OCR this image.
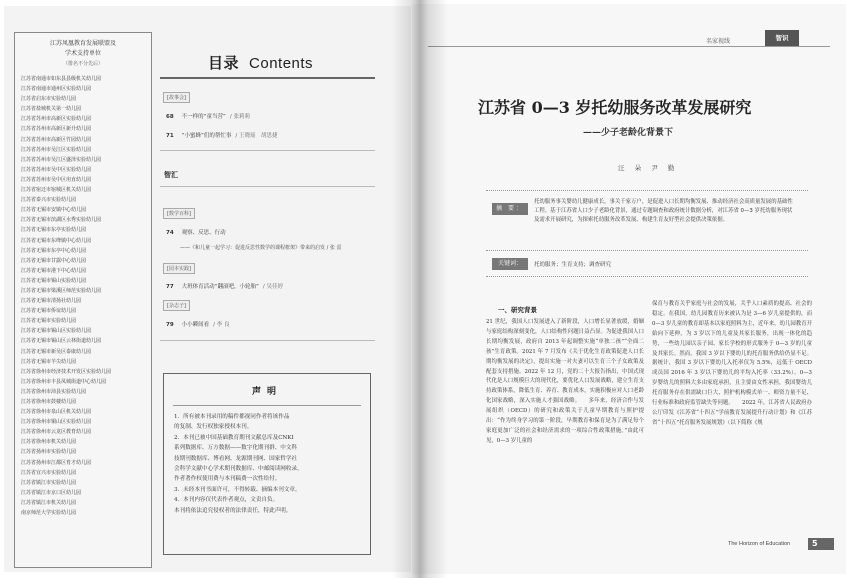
江苏凤凰教育发展联盟及
学术支持单位
（排名不分先后）
江苏省南通市如东县县级机关幼儿园
江苏省南通市通州区实验幼儿园
江苏省启东市实验幼儿园
江苏省盐城机关第一幼儿园
江苏省苏州市高新区实验幼儿园
江苏省苏州市高新区新升幼儿园
江苏省苏州市高新区竹园幼儿园
江苏省苏州市吴江区实验幼儿园
江苏省苏州市吴江区盛泽实验幼儿园
江苏省苏州市吴中区实验幼儿园
江苏省苏州市吴中区甪直幼儿园
江苏省宿迁市宿城区机关幼儿园
江苏省泰兴市实验幼儿园
江苏省无锡市安镇中心幼儿园
江苏省无锡市滨湖区水秀实验幼儿园
江苏省无锡市东亭实验幼儿园
江苏省无锡市东绛镇中心幼儿园
江苏省无锡市东亭中心幼儿园
江苏省无锡市甘露中心幼儿园
江苏省无锡市港下中心幼儿园
江苏省无锡市锡山实验幼儿园
江苏省无锡市梁溪区师范实验幼儿园
江苏省无锡市清扬社幼儿园
江苏省无锡市侨谊幼儿园
江苏省无锡市实验幼儿园
江苏省无锡市锡山区实验幼儿园
江苏省无锡市锡山区云林街道幼儿园
江苏省无锡市新吴区泰康幼儿园
江苏省无锡市羊尖幼儿园
江苏省徐州市经济技术开发区实验幼儿园
江苏省徐州市丰县凤城街道中心幼儿园
江苏省徐州市沛县实验幼儿园
江苏省徐州市鼓楼幼儿园
江苏省徐州市泉山区机关幼儿园
江苏省徐州市铜山区实验幼儿园
江苏省徐州市云龙区教育幼儿园
江苏省徐州市机关幼儿园
江苏省扬州市实验幼儿园
江苏省扬州市江都区育才幼儿园
江苏省宜兴市实验幼儿园
江苏省镇江市实验幼儿园
江苏省镇江市京口区幼儿园
江苏省镇江市机关幼儿园
南京师范大学实验幼儿园
目录 Contents
[故事会]
68 不一样的“童当营” / 张莉莉
71 “小蜜蜂”们的帮忙事 / 王晓瑶　胡思捷
智汇
[数学百科]
74 观察、反思、行动
——《和儿童一起学习：促进反思性数学的课程框架》带来的启发 / 张 雷
[园本实践]
77 大班体育活动“翻滚吧，小轮胎” / 吴佳婷
[杂志子]
79 小小瞬间看 / 李 良
声明
1．所有被本刊录用的稿件都视同作者将该作品
的复制、发行权独家授权本刊。
2．本刊已被中国基础教育期刊文献总库及CNKI
系列数据库、万方数据——数字化期刊群、中文科
技期刊数据库、博看网、龙源期刊网、国家哲学社
会科学文献中心学术期刊数据库、中邮阅读网收录，
作者著作权使用费与本刊稿费一次性给付。
3．未经本刊书面许可，不得转载、摘编本刊文章。
4．本刊内容仅代表作者观点，文责自负。
本刊将依法追究侵权者的法律责任，特此声明。
名家视线	智识
江苏省 0—3 岁托幼服务改革发展研究
——少子老龄化背景下
汪 朵 尹 勤
摘 要：
托幼服务事关婴幼儿健康成长，事关千家万户，是促进人口长期均衡发展、推动经济社会高质量发展的基础性工程。基于江苏省人口少子老龄化背景，通过专题调查和政府统计数据分析，对江苏省 0—3 岁托幼服务现状及需求开展研究，为探索托幼服务改革发展、构建生育友好型社会提供决策依据。
关键词：	托幼服务；生育支持；调查研究
一、研究背景
21 世纪，我国人口发展进入了新阶段，人口增长显著放缓，婚姻与家庭结构深刻变化，人口结构性问题日益凸显。为促进我国人口长期均衡发展，政府自 2013 年起调整实施“单独二孩”“全面二孩”生育政策。2021 年 7 月发布《关于优化生育政策促进人口长期均衡发展的决定》，提出实施一对夫妻可以生育三个子女政策及配套支持措施。2022 年 12 月，党的二十大报告指出，中国式现代化是人口规模巨大的现代化，要优化人口发展战略，建立生育支持政策体系，降低生育、养育、教育成本，实施积极应对人口老龄化国家战略，深入实施人才强国战略。　　多年来，经济合作与发展组织（OECD）的研究和政策关于儿童早期教育与照护提出：“作为终身学习的第一阶段，早期教育和保育是为了满足每个家庭更加广泛的社会和经济需求的一项综合性政策措施。”由此可见，0—3 岁儿童的
保育与教育关乎家庭与社会的发展，关乎人口素质的提高、社会的稳定。在我国，幼儿园教育历来被认为是 3—6 岁儿童提供的，而 0—3 岁儿童的教育却基本以家庭照料为主，近年来，幼儿园教育开始向下延伸，为 3 岁以下的儿童及其家长服务，出现一体化的趋势，一些幼儿园以亲子园、家长学校的形式服务于 0—3 岁的儿童及其家长。然而，我国 3 岁以下婴幼儿的托育服务供给仍显不足。据统计，我国 3 岁以下婴幼儿入托率仅为 5.5%，远低于 OECD 成员国 2016 年 3 岁以下婴幼儿的平均入托率（33.2%）。0—3 岁婴幼儿的照料大多由家庭承担，且主要由女性承担，我国婴幼儿托育服务存在供需缺口巨大、照护机构模式单一、师资力量不足、行业标准和政府监管缺失等问题。　　2022 年，江苏省人民政府办公厅印发《江苏省“十四五”学前教育发展提升行动计划》和《江苏省“十四五”托育服务发展规划》（以下简称《规
The Horizon of Education	5
